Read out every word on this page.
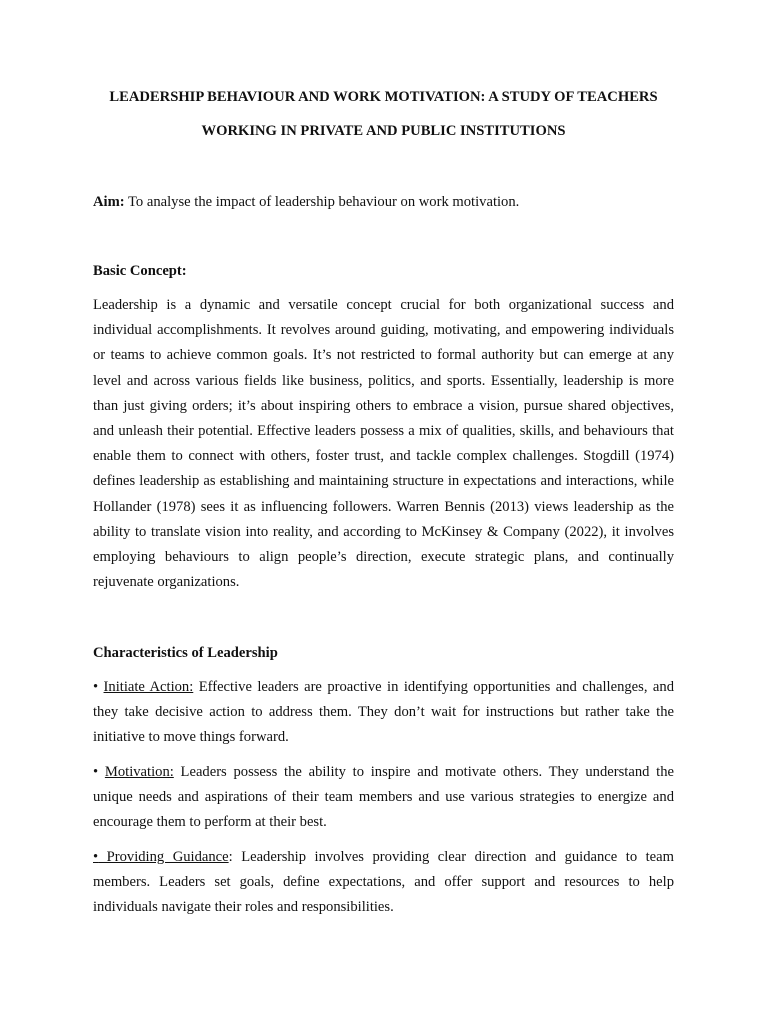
LEADERSHIP BEHAVIOUR AND WORK MOTIVATION: A STUDY OF TEACHERS
WORKING IN PRIVATE AND PUBLIC INSTITUTIONS
Aim: To analyse the impact of leadership behaviour on work motivation.
Basic Concept:
Leadership is a dynamic and versatile concept crucial for both organizational success and individual accomplishments. It revolves around guiding, motivating, and empowering individuals or teams to achieve common goals. It’s not restricted to formal authority but can emerge at any level and across various fields like business, politics, and sports. Essentially, leadership is more than just giving orders; it’s about inspiring others to embrace a vision, pursue shared objectives, and unleash their potential. Effective leaders possess a mix of qualities, skills, and behaviours that enable them to connect with others, foster trust, and tackle complex challenges. Stogdill (1974) defines leadership as establishing and maintaining structure in expectations and interactions, while Hollander (1978) sees it as influencing followers. Warren Bennis (2013) views leadership as the ability to translate vision into reality, and according to McKinsey & Company (2022), it involves employing behaviours to align people’s direction, execute strategic plans, and continually rejuvenate organizations.
Characteristics of Leadership
• Initiate Action: Effective leaders are proactive in identifying opportunities and challenges, and they take decisive action to address them. They don’t wait for instructions but rather take the initiative to move things forward.
• Motivation: Leaders possess the ability to inspire and motivate others. They understand the unique needs and aspirations of their team members and use various strategies to energize and encourage them to perform at their best.
• Providing Guidance: Leadership involves providing clear direction and guidance to team members. Leaders set goals, define expectations, and offer support and resources to help individuals navigate their roles and responsibilities.
